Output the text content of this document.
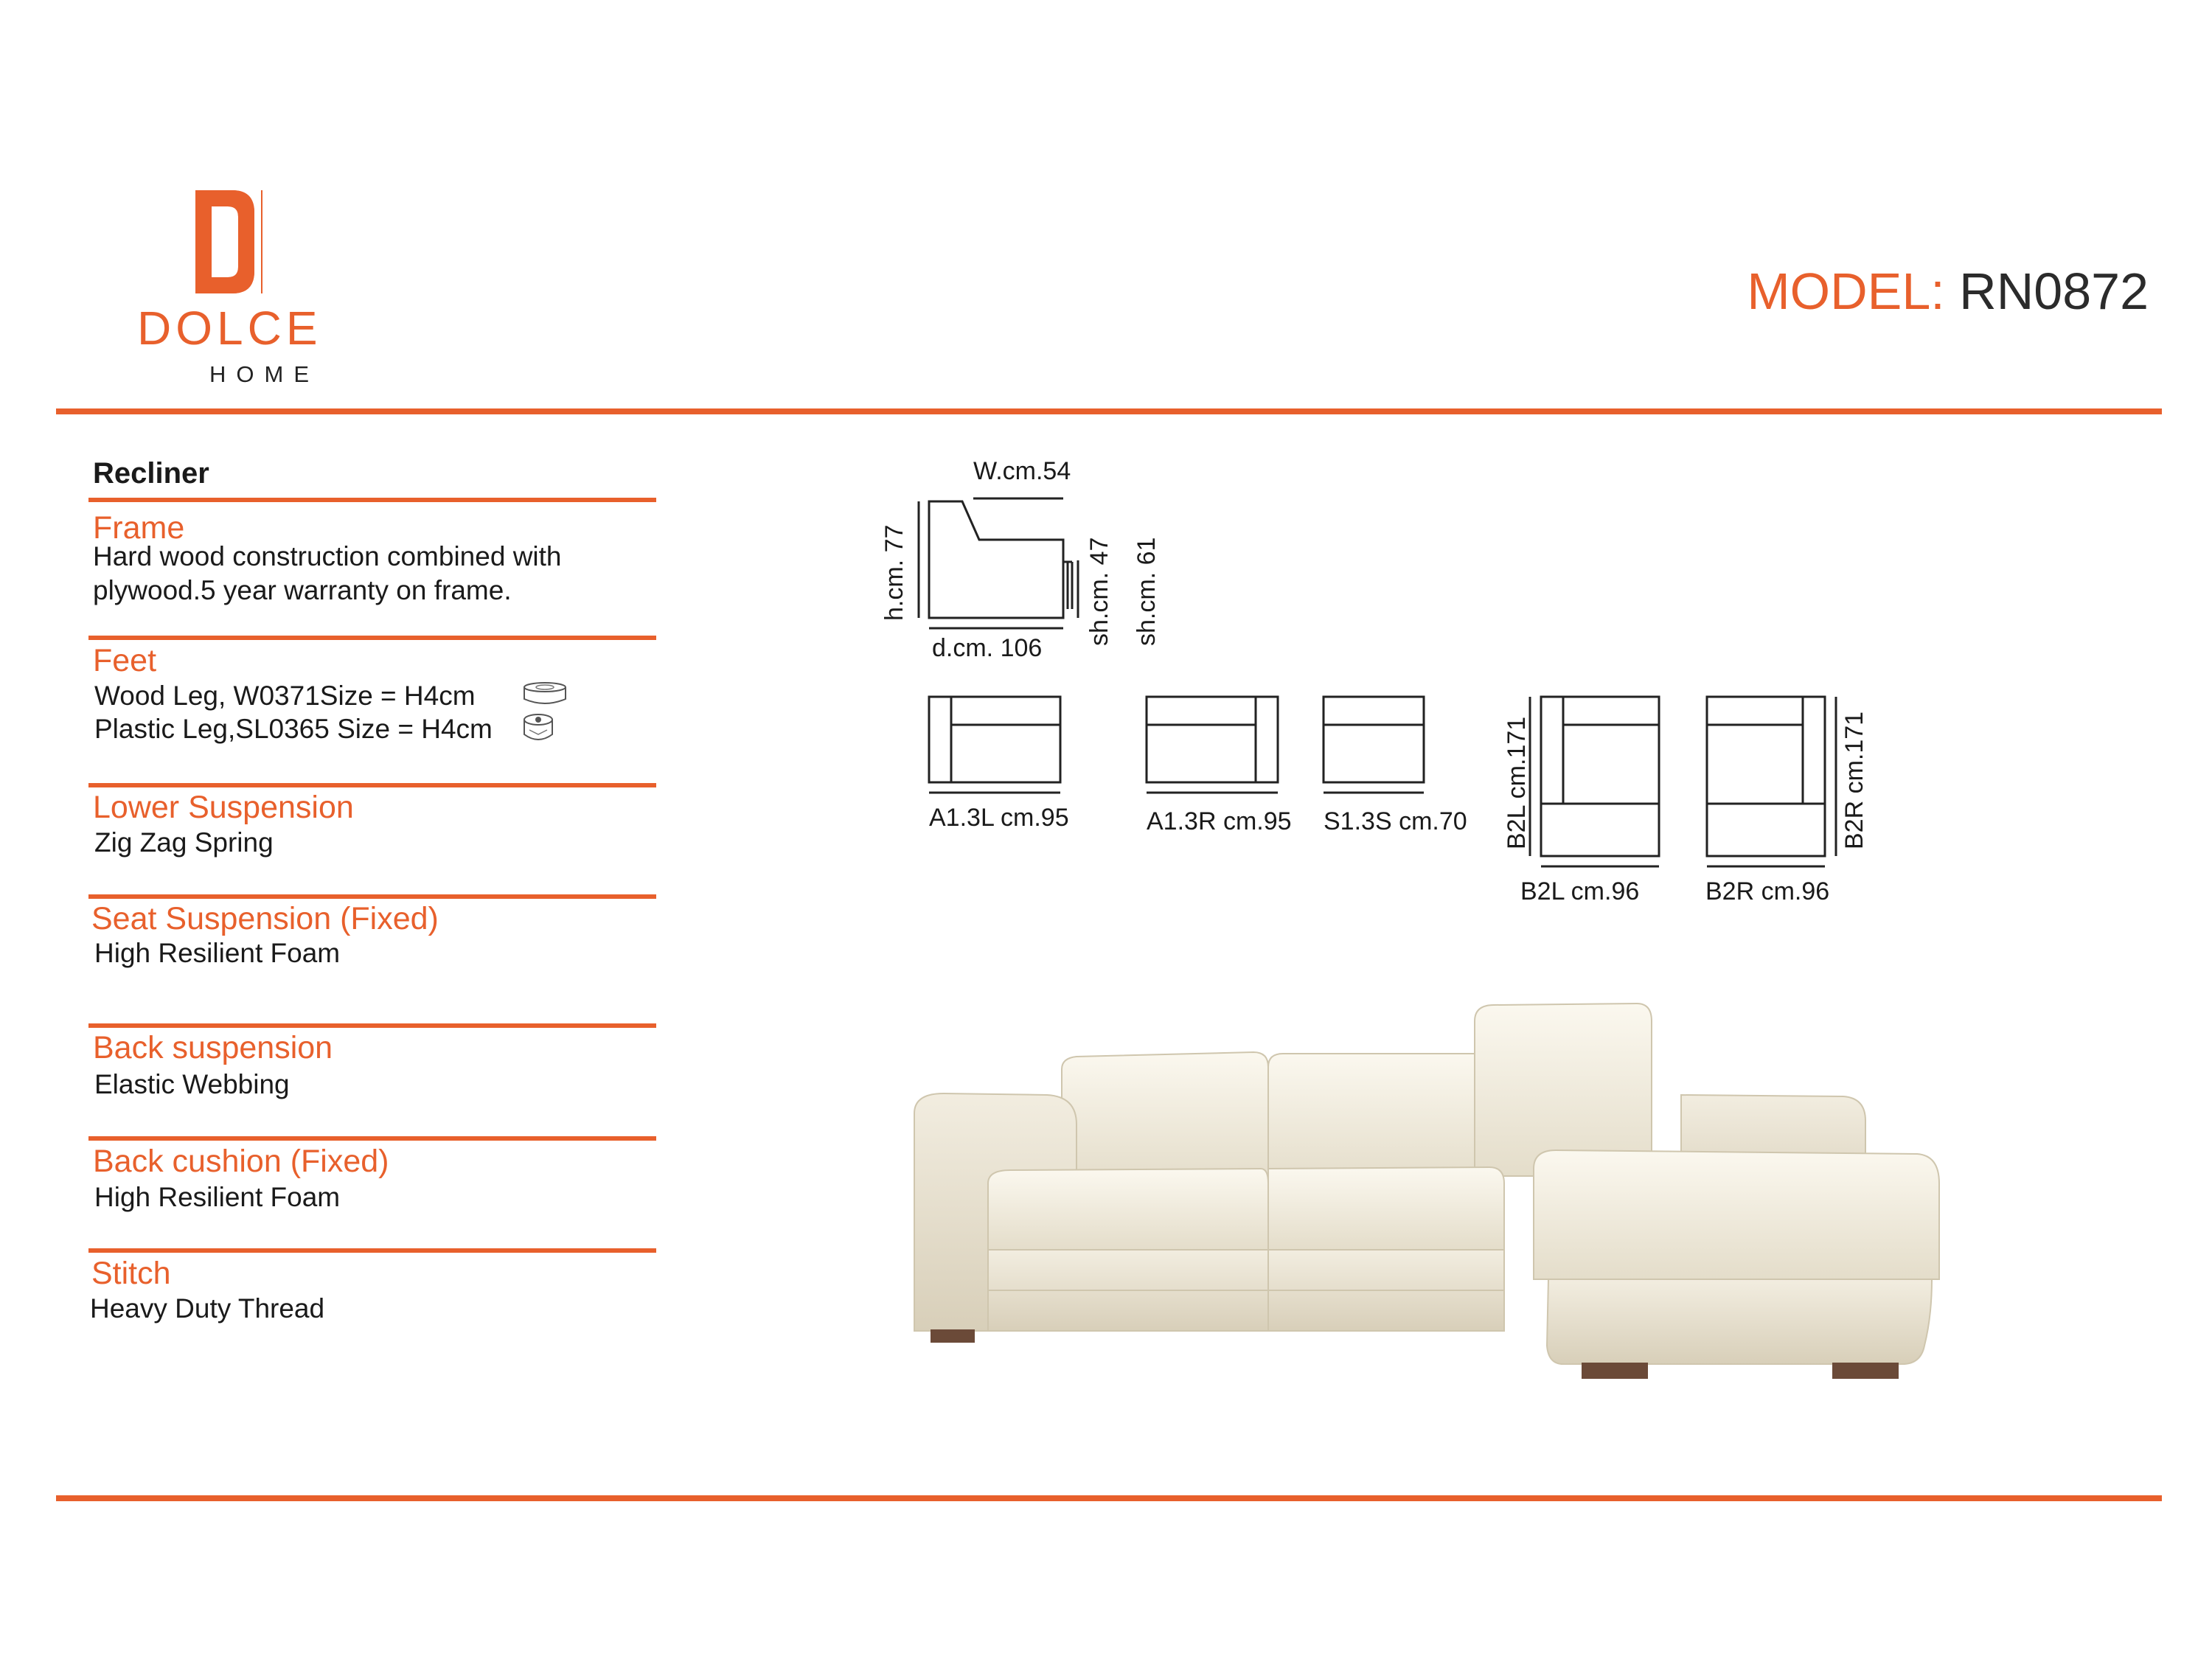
DOLCE
HOME
MODEL: RN0872
Recliner
Frame
Hard wood construction combined with
plywood.5 year warranty on frame.
Feet
Wood Leg, W0371Size = H4cm
Plastic Leg,SL0365 Size = H4cm
Lower Suspension
Zig Zag Spring
Seat Suspension (Fixed)
High Resilient Foam
Back suspension
Elastic Webbing
Back cushion (Fixed)
High Resilient Foam
Stitch
Heavy Duty Thread
W.cm.54
d.cm. 106
h.cm. 77	sh.cm. 47 sh.cm. 61
A1.3L cm.95	A1.3R cm.95 S1.3S cm.70
B2L cm.96	B2R cm.96
B2L cm.171	B2R cm.171
